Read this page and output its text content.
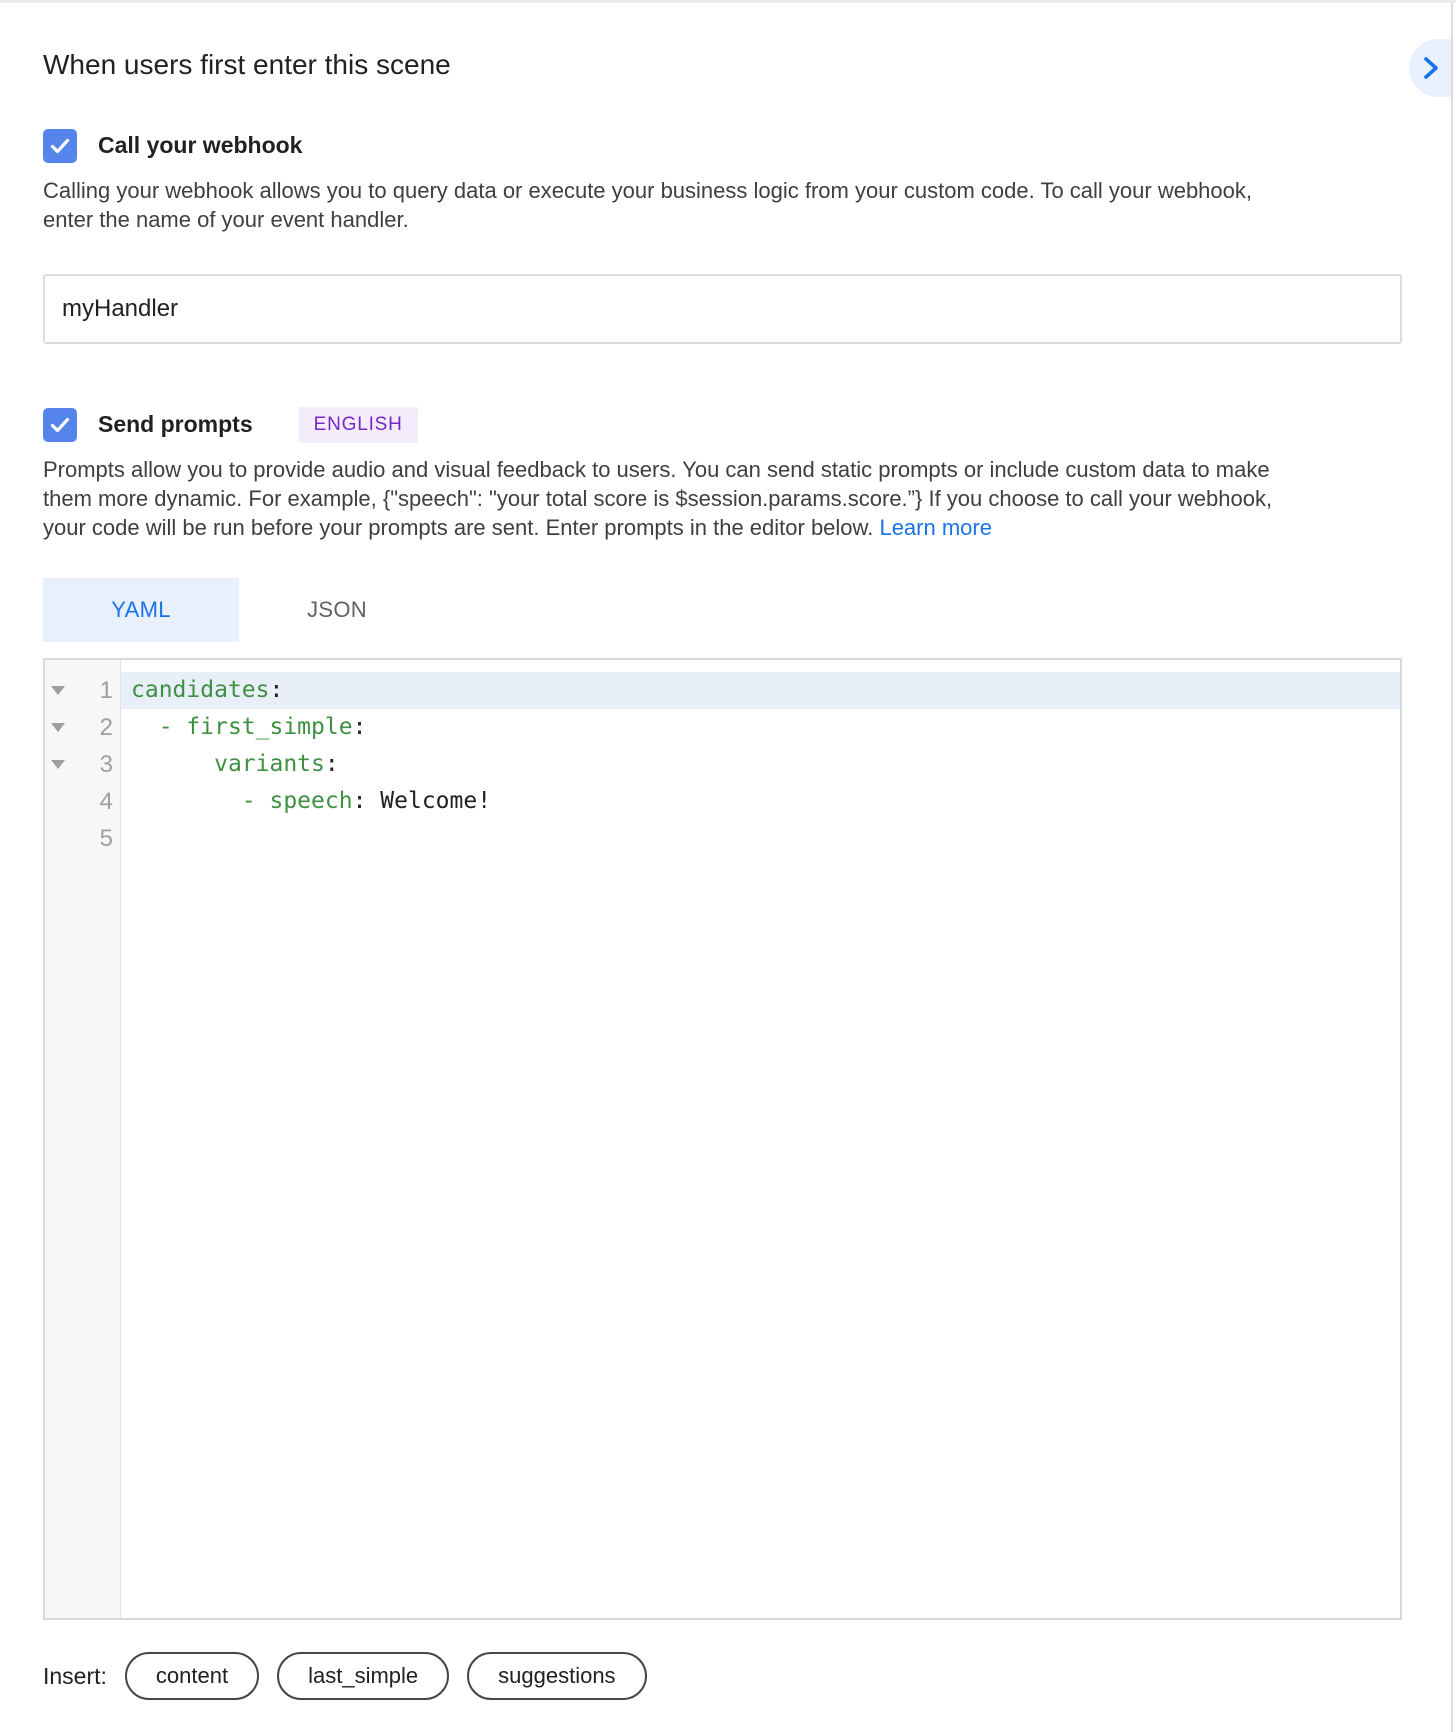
When users first enter this scene
Call your webhook
Calling your webhook allows you to query data or execute your business logic from your custom code. To call your webhook, enter the name of your event handler.
myHandler
Send prompts	ENGLISH
Prompts allow you to provide audio and visual feedback to users. You can send static prompts or include custom data to make them more dynamic. For example, {"speech": "your total score is $session.params.score.”} If you choose to call your webhook, your code will be run before your prompts are sent. Enter prompts in the editor below. Learn more
YAML	JSON
1
2
3
4
5
candidates:
- first_simple:
variants:
- speech: Welcome!
Insert:	content	last_simple	suggestions
